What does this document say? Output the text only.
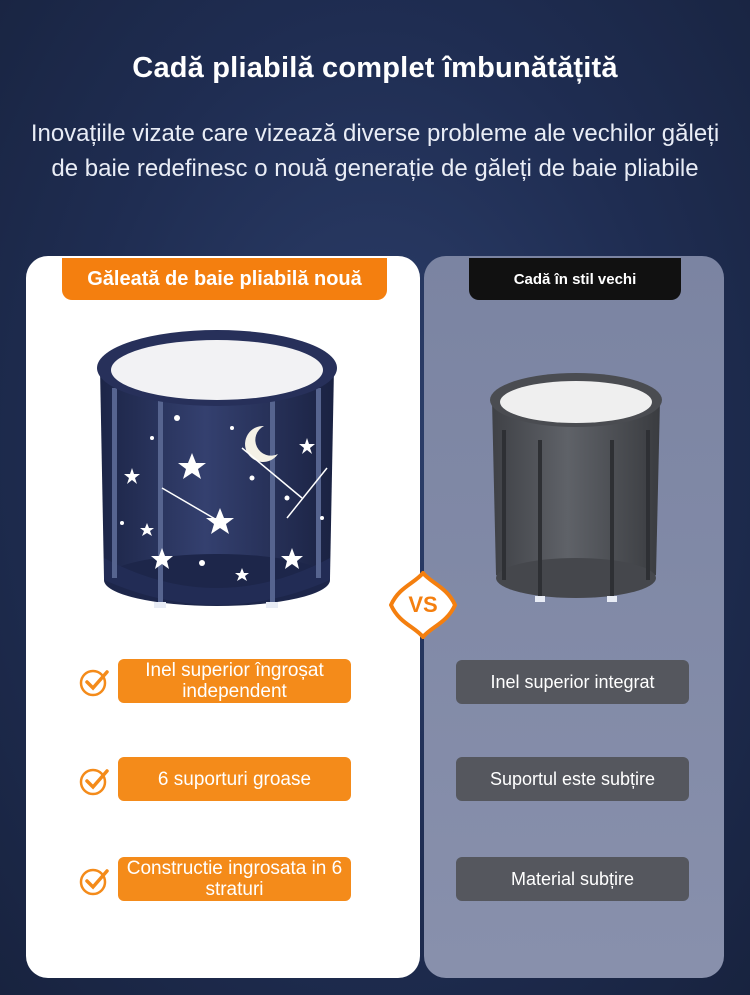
Cadă pliabilă complet îmbunătățită
Inovațiile vizate care vizează diverse probleme ale vechilor găleți de baie redefinesc o nouă generație de găleți de baie pliabile
Găleată de baie pliabilă nouă	Cadă în stil vechi
VS
Inel superior îngroșat independent
6 suporturi groase
Constructie ingrosata in 6 straturi
Inel superior integrat
Suportul este subțire
Material subțire
